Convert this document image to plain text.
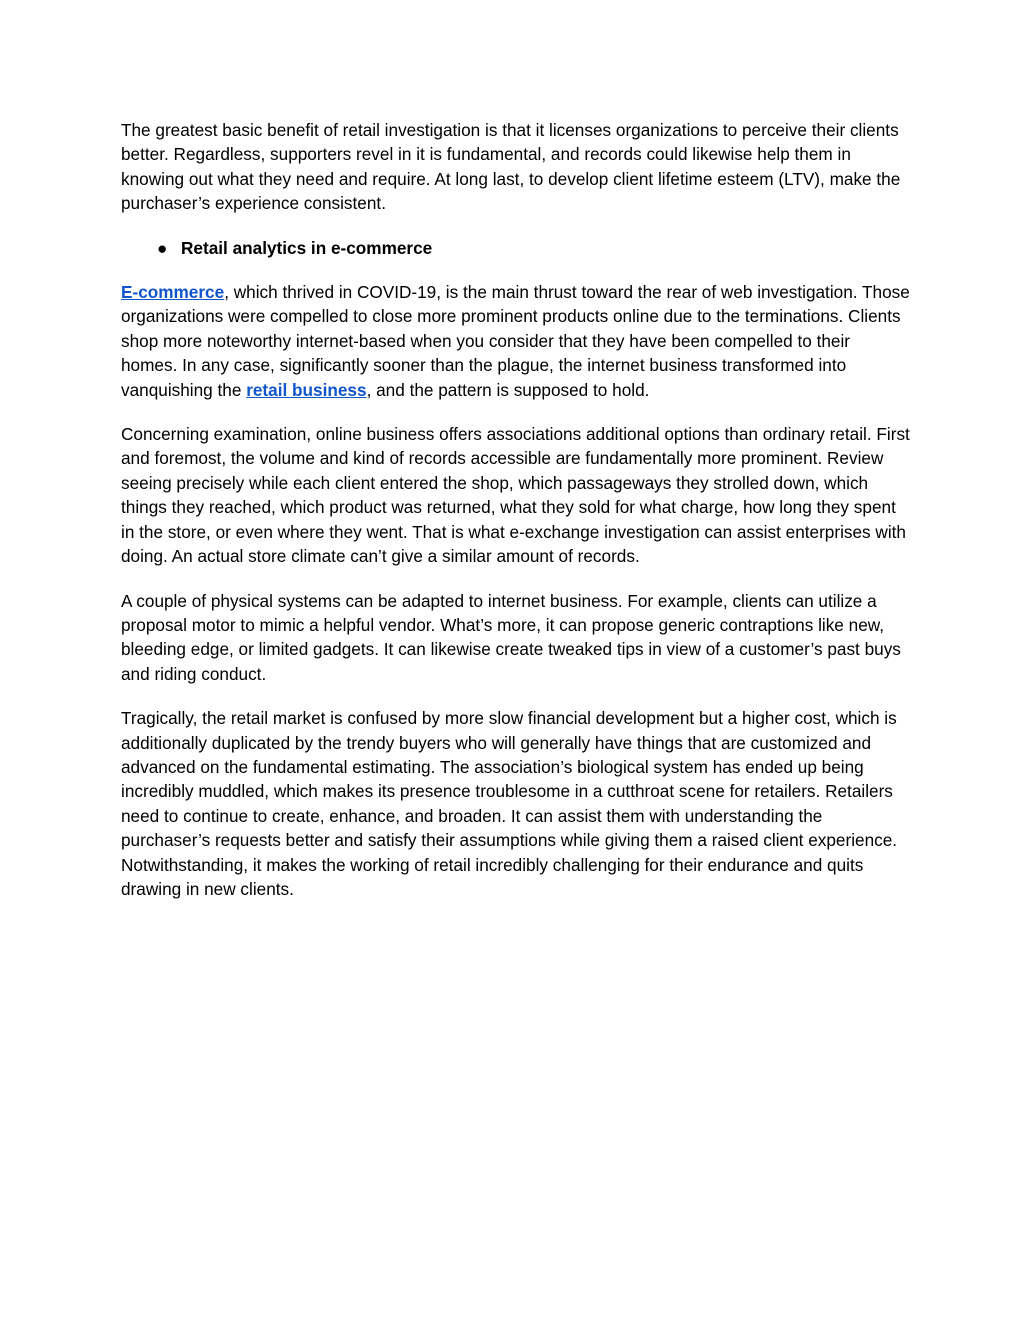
The greatest basic benefit of retail investigation is that it licenses organizations to perceive their clients better. Regardless, supporters revel in it is fundamental, and records could likewise help them in knowing out what they need and require. At long last, to develop client lifetime esteem (LTV), make the purchaser’s experience consistent.

● Retail analytics in e-commerce

E-commerce, which thrived in COVID-19, is the main thrust toward the rear of web investigation. Those organizations were compelled to close more prominent products online due to the terminations. Clients shop more noteworthy internet-based when you consider that they have been compelled to their homes. In any case, significantly sooner than the plague, the internet business transformed into vanquishing the retail business, and the pattern is supposed to hold.

Concerning examination, online business offers associations additional options than ordinary retail. First and foremost, the volume and kind of records accessible are fundamentally more prominent. Review seeing precisely while each client entered the shop, which passageways they strolled down, which things they reached, which product was returned, what they sold for what charge, how long they spent in the store, or even where they went. That is what e-exchange investigation can assist enterprises with doing. An actual store climate can’t give a similar amount of records.

A couple of physical systems can be adapted to internet business. For example, clients can utilize a proposal motor to mimic a helpful vendor. What’s more, it can propose generic contraptions like new, bleeding edge, or limited gadgets. It can likewise create tweaked tips in view of a customer’s past buys and riding conduct.

Tragically, the retail market is confused by more slow financial development but a higher cost, which is additionally duplicated by the trendy buyers who will generally have things that are customized and advanced on the fundamental estimating. The association’s biological system has ended up being incredibly muddled, which makes its presence troublesome in a cutthroat scene for retailers. Retailers need to continue to create, enhance, and broaden. It can assist them with understanding the purchaser’s requests better and satisfy their assumptions while giving them a raised client experience. Notwithstanding, it makes the working of retail incredibly challenging for their endurance and quits drawing in new clients.
